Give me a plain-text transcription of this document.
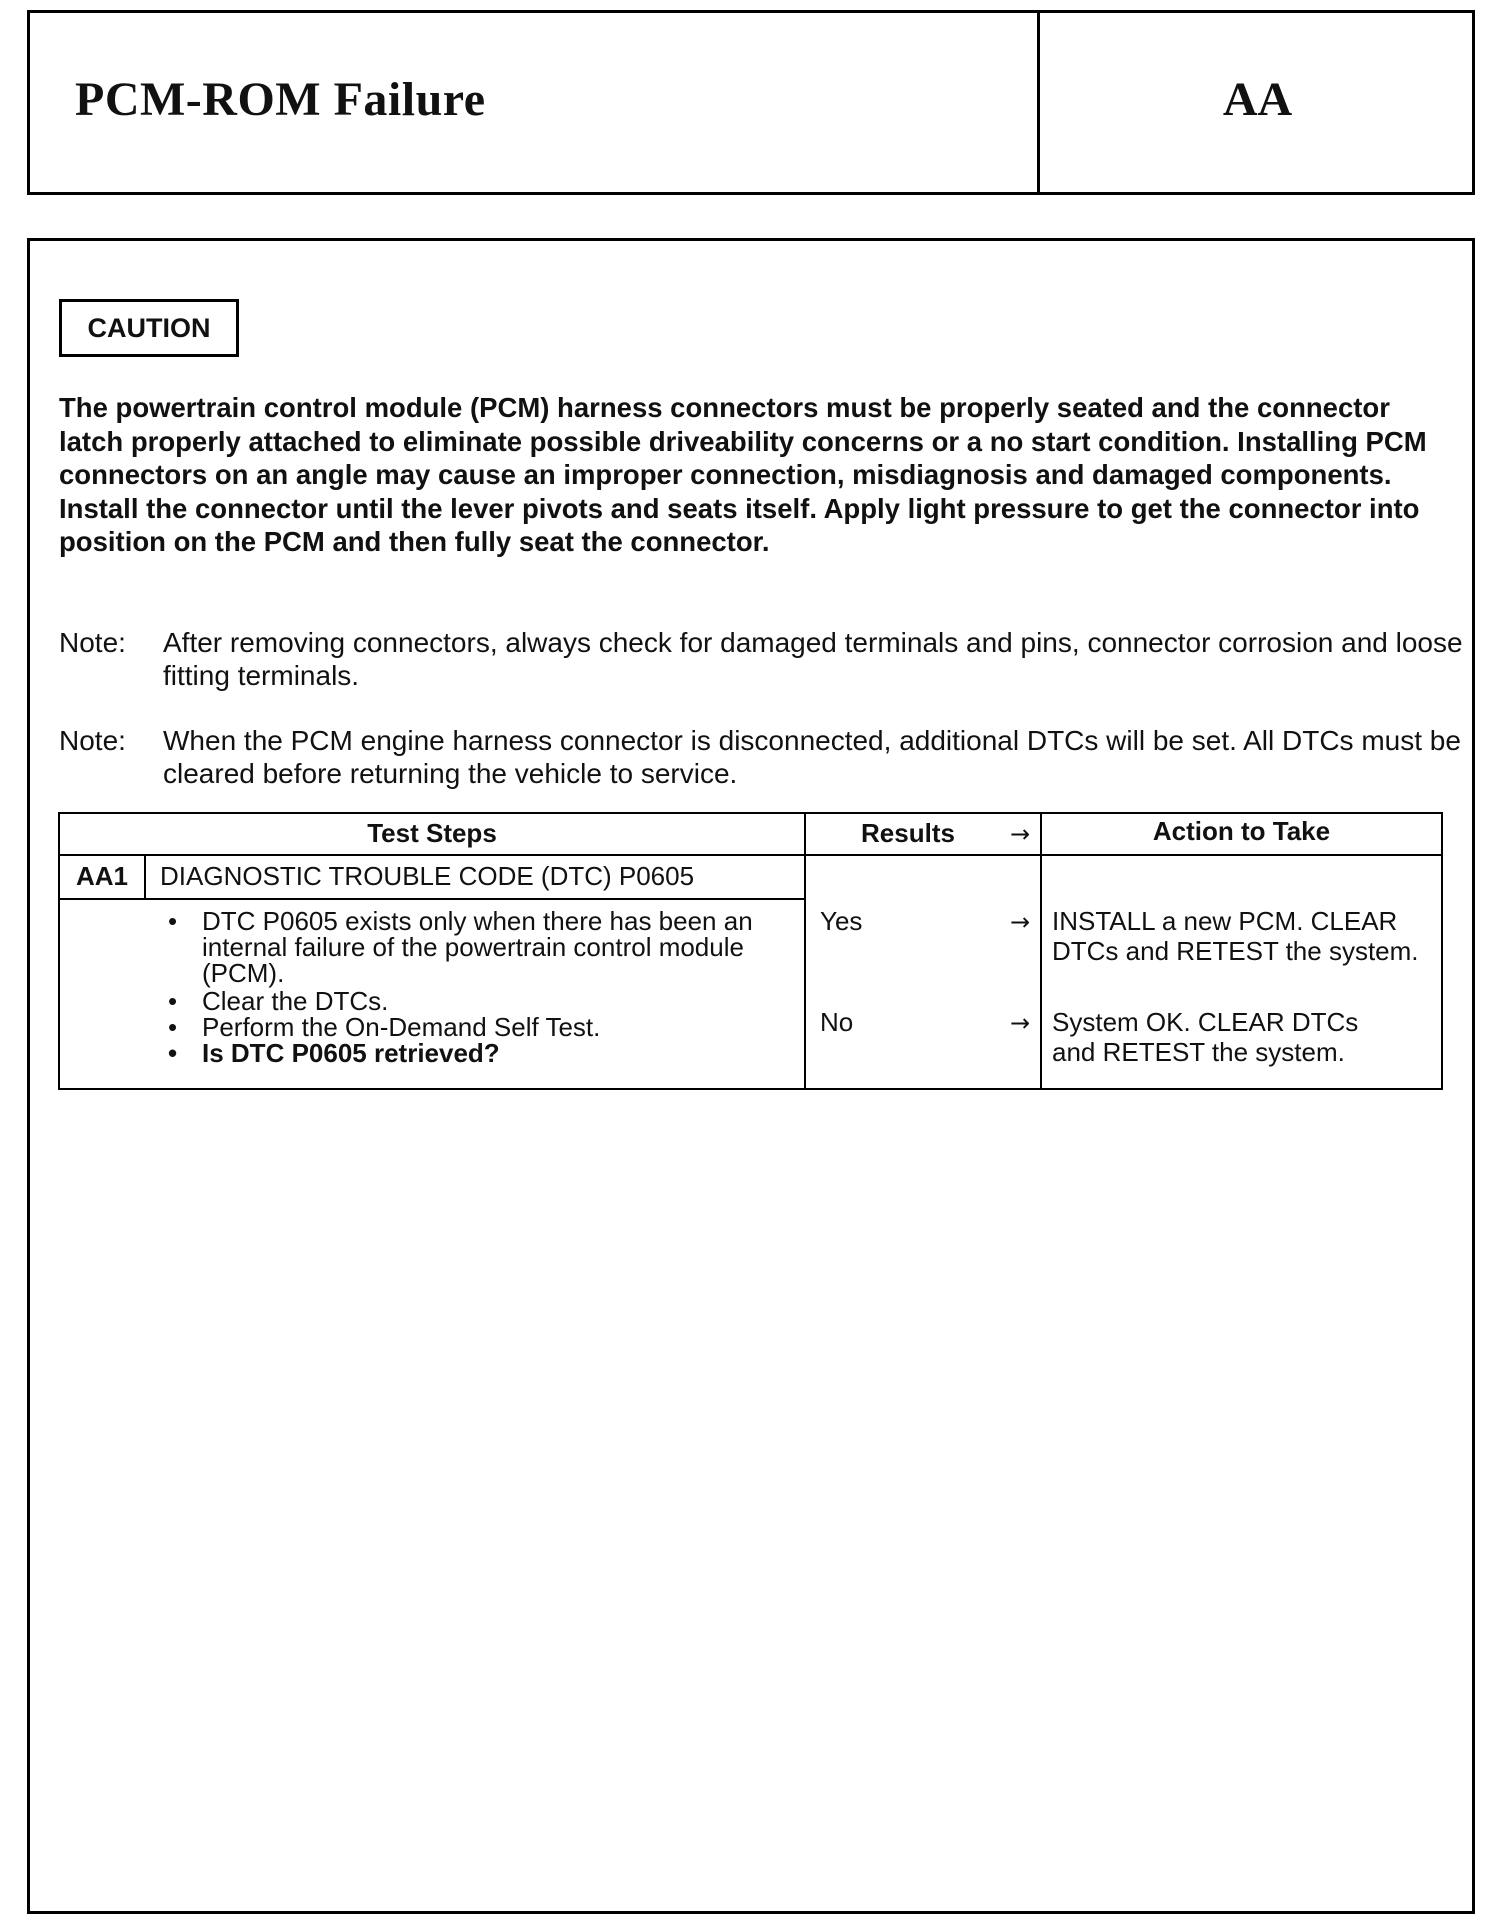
PCM-ROM Failure	AA
CAUTION
The powertrain control module (PCM) harness connectors must be properly seated and the connector latch properly attached to eliminate possible driveability concerns or a no start condition. Installing PCM connectors on an angle may cause an improper connection, misdiagnosis and damaged components. Install the connector until the lever pivots and seats itself. Apply light pressure to get the connector into position on the PCM and then fully seat the connector.
Note: After removing connectors, always check for damaged terminals and pins, connector corrosion and loose fitting terminals.
Note: When the PCM engine harness connector is disconnected, additional DTCs will be set. All DTCs must be cleared before returning the vehicle to service.
Test Steps	Results	→	Action to Take
AA1	DIAGNOSTIC TROUBLE CODE (DTC) P0605
• DTC P0605 exists only when there has been an internal failure of the powertrain control module (PCM).
• Clear the DTCs.
• Perform the On-Demand Self Test.
• Is DTC P0605 retrieved?
Yes	→ INSTALL a new PCM. CLEAR DTCs and RETEST the system.
No	→ System OK. CLEAR DTCs and RETEST the system.
